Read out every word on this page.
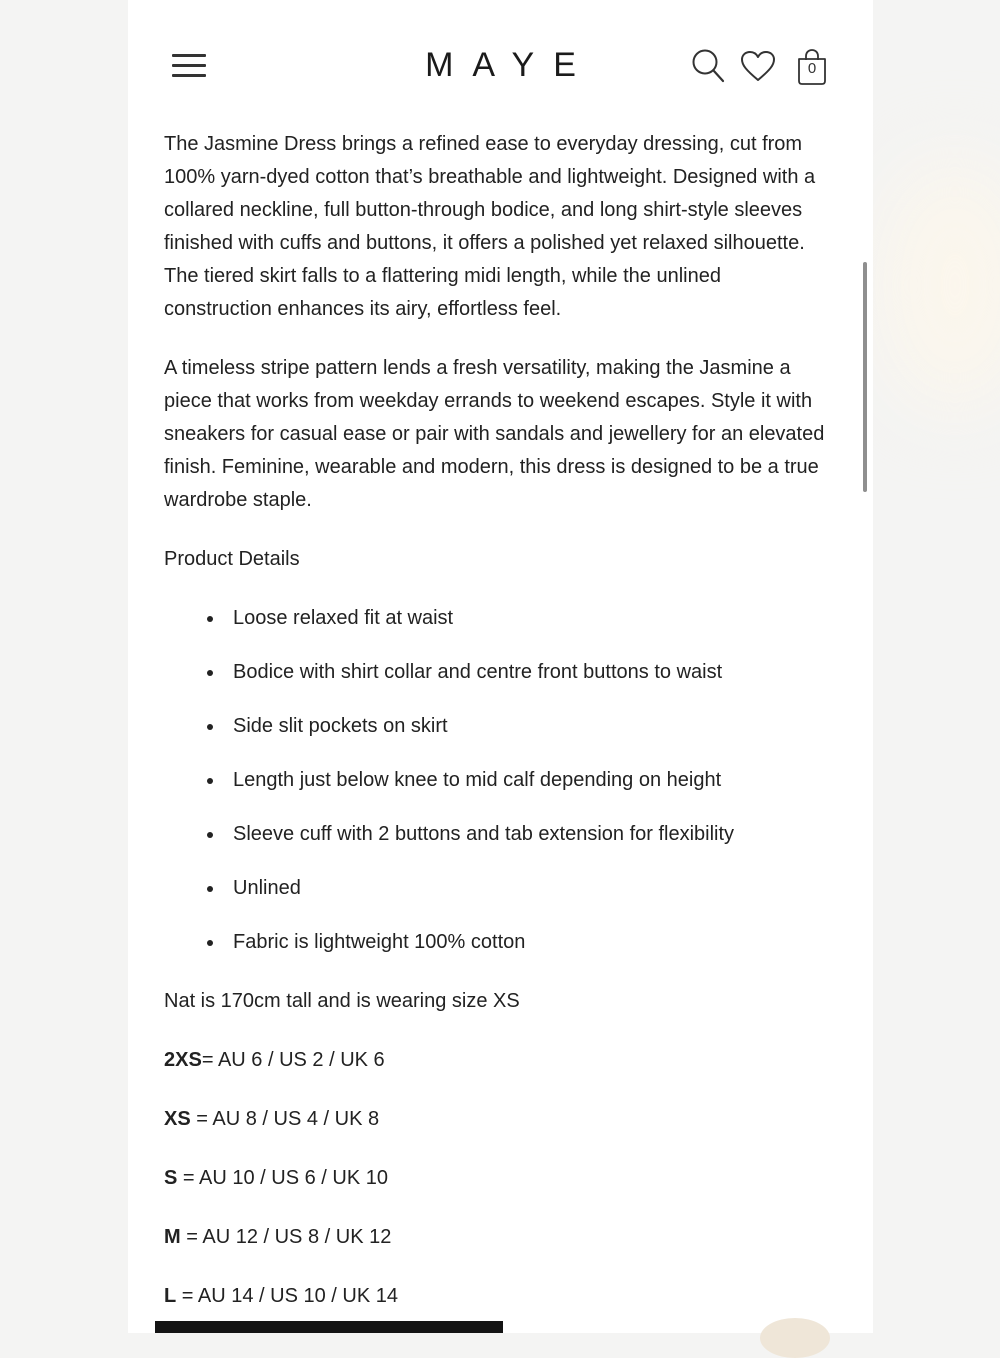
MAYE	0

The Jasmine Dress brings a refined ease to everyday dressing, cut from 100% yarn-dyed cotton that’s breathable and lightweight. Designed with a collared neckline, full button-through bodice, and long shirt-style sleeves finished with cuffs and buttons, it offers a polished yet relaxed silhouette. The tiered skirt falls to a flattering midi length, while the unlined construction enhances its airy, effortless feel.

A timeless stripe pattern lends a fresh versatility, making the Jasmine a piece that works from weekday errands to weekend escapes. Style it with sneakers for casual ease or pair with sandals and jewellery for an elevated finish. Feminine, wearable and modern, this dress is designed to be a true wardrobe staple.

Product Details

Loose relaxed fit at waist
Bodice with shirt collar and centre front buttons to waist
Side slit pockets on skirt
Length just below knee to mid calf depending on height
Sleeve cuff with 2 buttons and tab extension for flexibility
Unlined
Fabric is lightweight 100% cotton

Nat is 170cm tall and is wearing size XS

2XS= AU 6 / US 2 / UK 6
XS = AU 8 / US 4 / UK 8
S = AU 10 / US 6 / UK 10
M = AU 12 / US 8 / UK 12
L = AU 14 / US 10 / UK 14
